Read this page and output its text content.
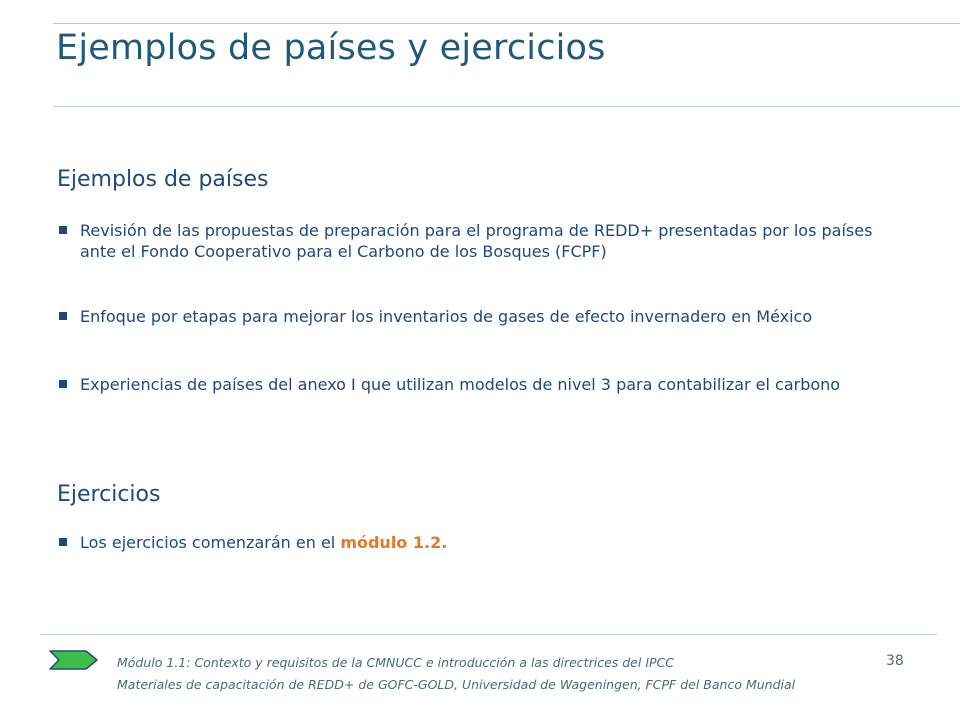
Ejemplos de países y ejercicios
Ejemplos de países
Revisión de las propuestas de preparación para el programa de REDD+ presentadas por los países ante el Fondo Cooperativo para el Carbono de los Bosques (FCPF)
Enfoque por etapas para mejorar los inventarios de gases de efecto invernadero en México
Experiencias de países del anexo I que utilizan modelos de nivel 3 para contabilizar el carbono
Ejercicios
Los ejercicios comenzarán en el módulo 1.2.
Módulo 1.1: Contexto y requisitos de la CMNUCC e introducción a las directrices del IPCC
Materiales de capacitación de REDD+ de GOFC-GOLD, Universidad de Wageningen, FCPF del Banco Mundial
38
